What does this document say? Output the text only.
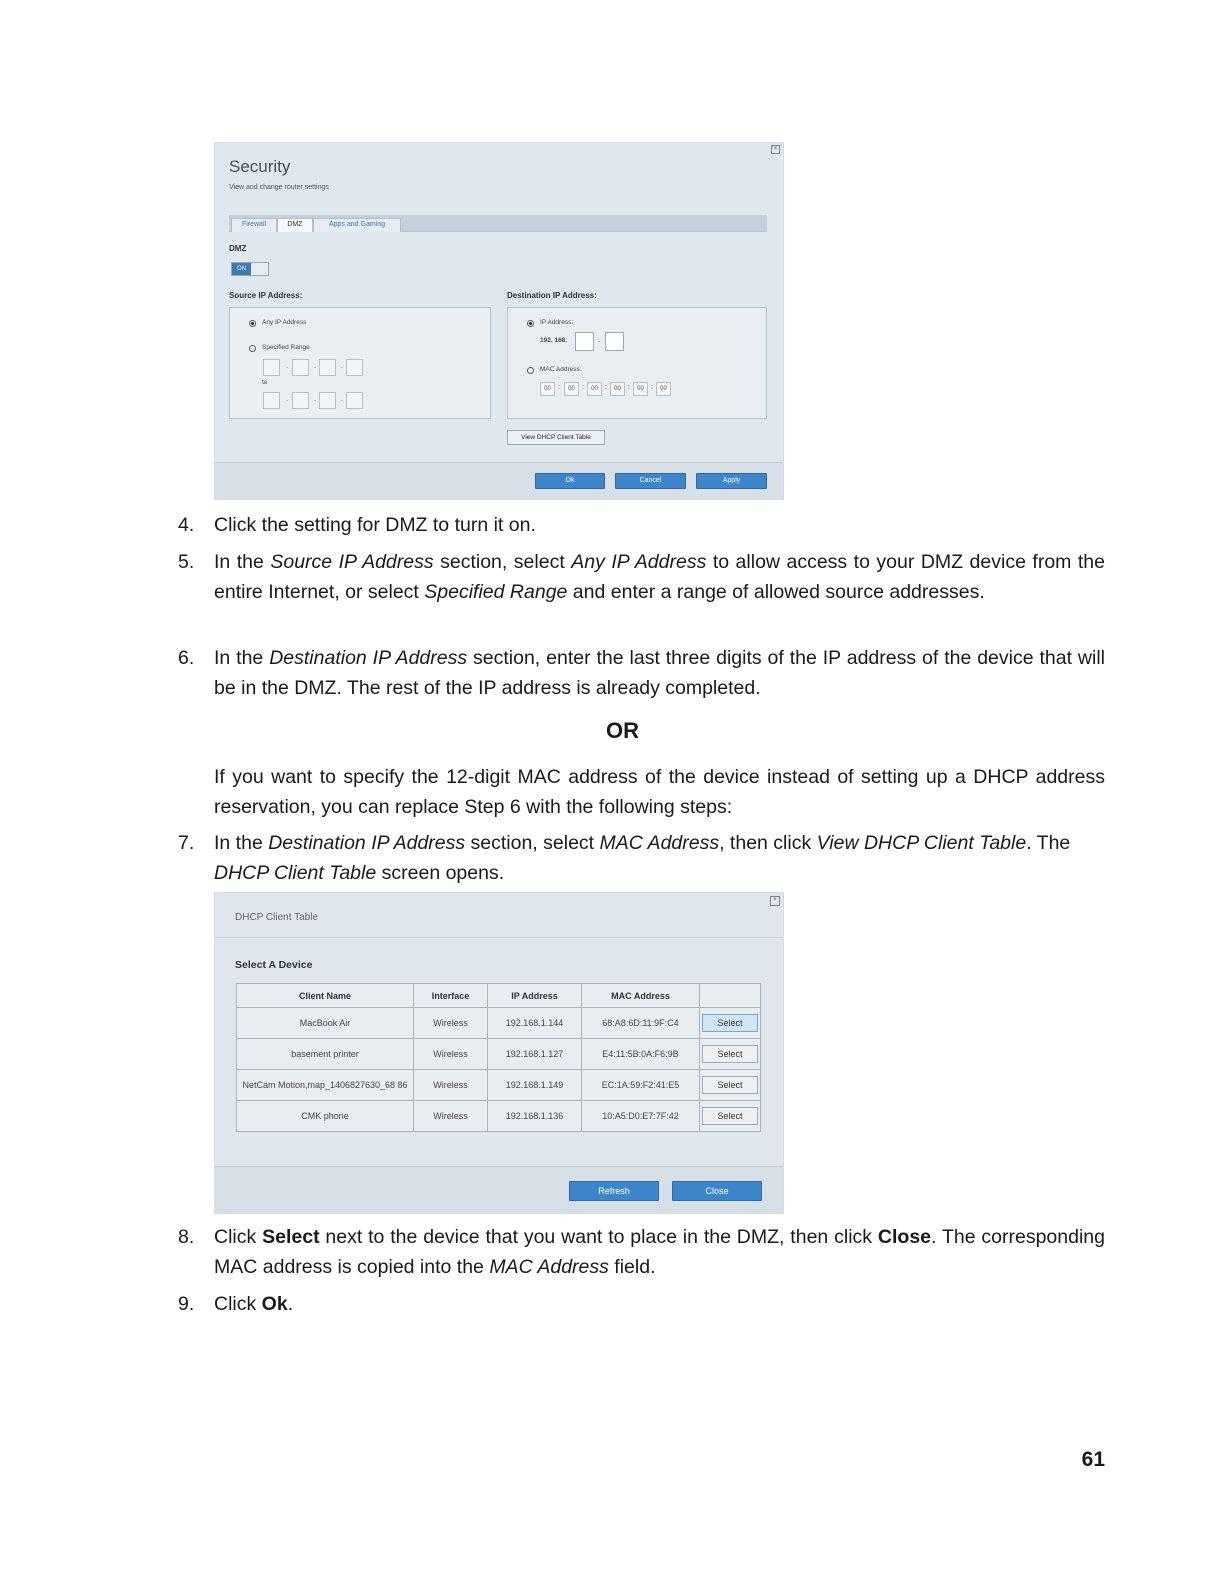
×
Security
View and change router settings
Firewall	DMZ	Apps and Gaming
DMZ
ON
Source IP Address:	Destination IP Address:
Any IP Address
Specified Range
.	.	.
to
.	.	.
IP Address:
192. 168.	.
MAC Address:
00	:	00	:	00	:	00	:	00	:	00
View DHCP Client Table
Ok	Cancel	Apply
4. Click the setting for DMZ to turn it on.
5. In the Source IP Address section, select Any IP Address to allow access to your DMZ device from the entire Internet, or select Specified Range and enter a range of allowed source addresses.
6. In the Destination IP Address section, enter the last three digits of the IP address of the device that will be in the DMZ. The rest of the IP address is already completed.
OR
If you want to specify the 12-digit MAC address of the device instead of setting up a DHCP address reservation, you can replace Step 6 with the following steps:
7. In the Destination IP Address section, select MAC Address, then click View DHCP Client Table. The DHCP Client Table screen opens.
×
DHCP Client Table
Select A Device
Client Name	Interface	IP Address	MAC Address	
MacBook Air	Wireless	192.168.1.144	68:A8:6D:11:9F:C4	Select
basement printer	Wireless	192.168.1.127	E4:11:5B:0A:F6:9B	Select
NetCam Motion,map_1406827630_68 86	Wireless	192.168.1.149	EC:1A:59:F2:41:E5	Select
CMK phone	Wireless	192.168.1.136	10:A5:D0:E7:7F:42	Select
Refresh	Close
8. Click Select next to the device that you want to place in the DMZ, then click Close. The corresponding MAC address is copied into the MAC Address field.
9. Click Ok.
61
